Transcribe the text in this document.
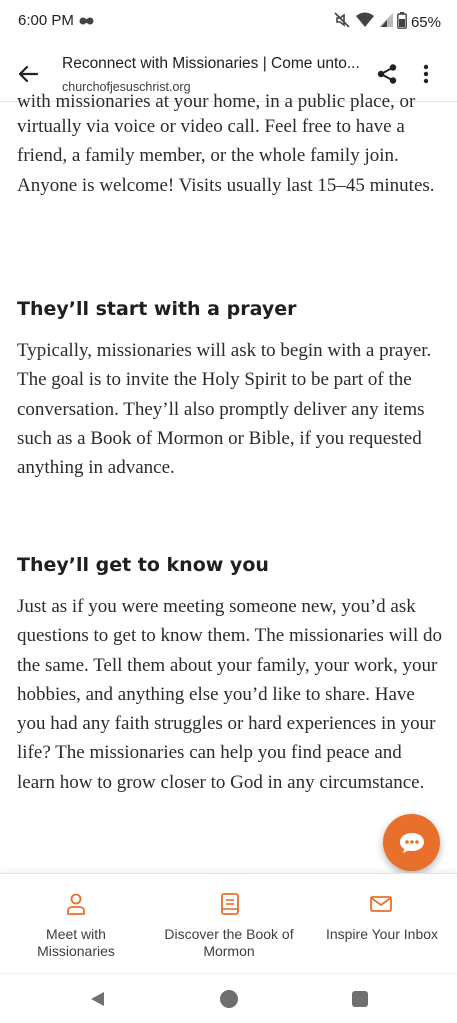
6:00 PM	65%
Reconnect with Missionaries | Come unto...
churchofjesuschrist.org
with missionaries at your home, in a public place, or

virtually via voice or video call. Feel free to have a friend, a family member, or the whole family join. Anyone is welcome! Visits usually last 15–45 minutes.

They’ll start with a prayer

Typically, missionaries will ask to begin with a prayer. The goal is to invite the Holy Spirit to be part of the conversation. They’ll also promptly deliver any items such as a Book of Mormon or Bible, if you requested anything in advance.

They’ll get to know you

Just as if you were meeting someone new, you’d ask questions to get to know them. The missionaries will do the same. Tell them about your family, your work, your hobbies, and anything else you’d like to share. Have you had any faith struggles or hard experiences in your life? The missionaries can help you find peace and learn how to grow closer to God in any circumstance.

Meet with Missionaries
Discover the Book of Mormon
Inspire Your Inbox
